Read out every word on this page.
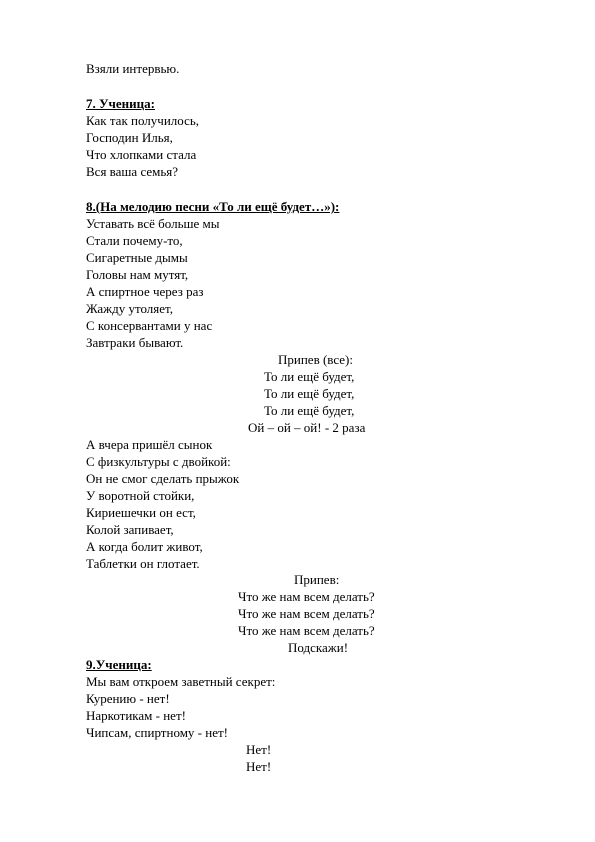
Взяли интервью.
7. Ученица:
Как так получилось,
Господин Илья,
Что хлопками стала
Вся ваша семья?
8.(На мелодию песни «То ли ещё будет…»):
Уставать всё больше мы
Стали почему-то,
Сигаретные дымы
Головы нам мутят,
А спиртное через раз
Жажду утоляет,
С консервантами у нас
Завтраки бывают.
Припев (все):
То ли ещё будет,
То ли ещё будет,
То ли ещё будет,
Ой – ой – ой! - 2 раза
А вчера пришёл сынок
С физкультуры с двойкой:
Он не смог сделать прыжок
У воротной стойки,
Кириешечки он ест,
Колой запивает,
А когда болит живот,
Таблетки он глотает.
Припев:
Что же нам всем делать?
Что же нам всем делать?
Что же нам всем делать?
Подскажи!
9.Ученица:
Мы вам откроем заветный секрет:
Курению - нет!
Наркотикам - нет!
Чипсам, спиртному - нет!
Нет!
Нет!
